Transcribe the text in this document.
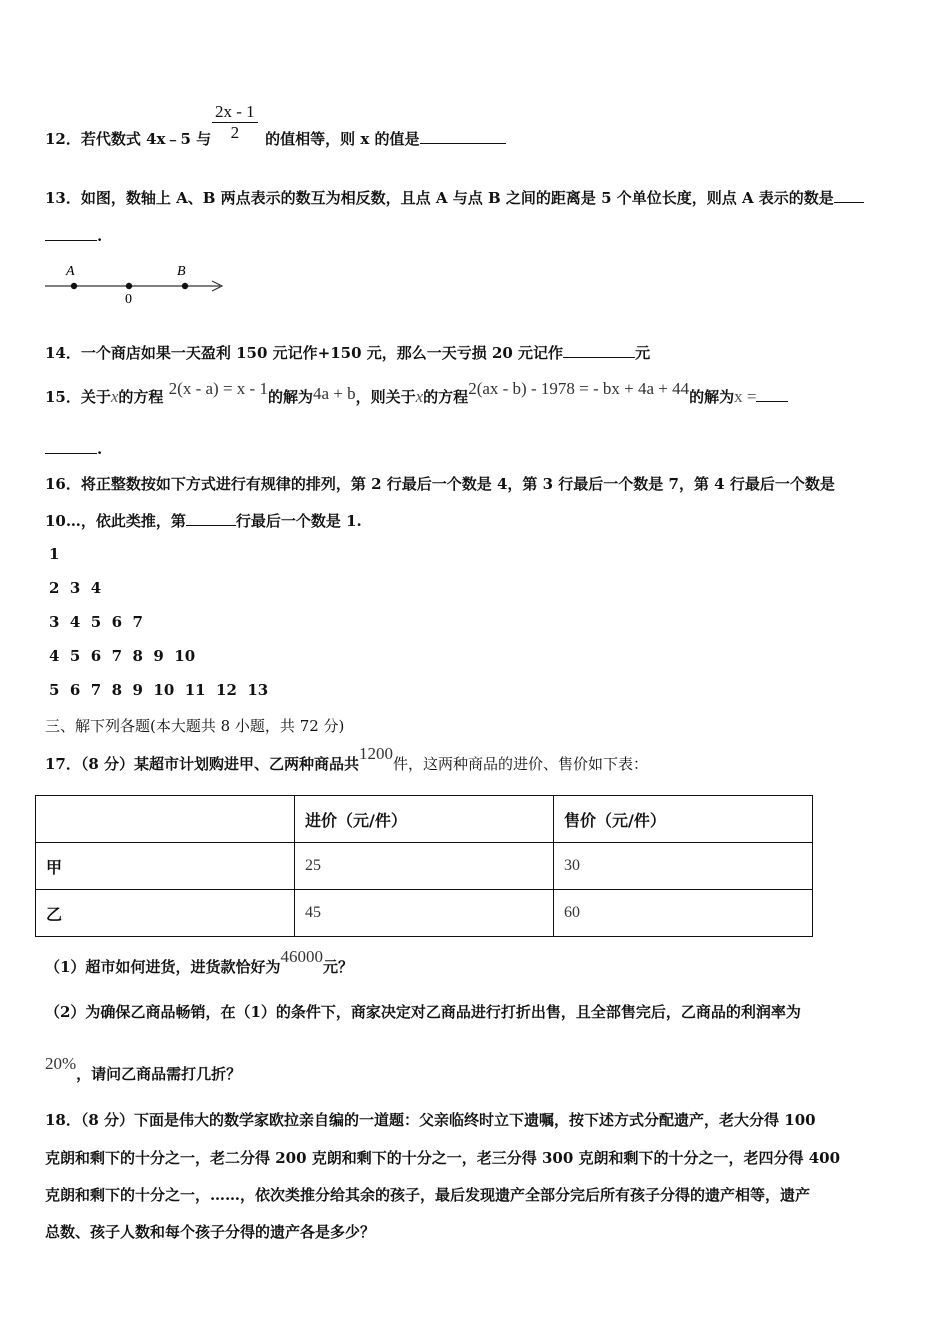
12．若代数式 4x﹣5 与	的值相等，则 x 的值是
$\frac{2x - 1}{2}$
13．如图，数轴上 A、B 两点表示的数互为相反数，且点 A 与点 B 之间的距离是 5 个单位长度，则点 A 表示的数是
.
A	B
0
14．一个商店如果一天盈利 150 元记作+150 元，那么一天亏损 20 元记作	元
15．关于x的方程 2(x - a) = x - 1的解为4a + b，则关于x的方程2(ax - b) - 1978 = - bx + 4a + 44的解为x =
.
16．将正整数按如下方式进行有规律的排列，第 2 行最后一个数是 4，第 3 行最后一个数是 7，第 4 行最后一个数是
10…，依此类推，第	行最后一个数是 1.
1
2  3  4
3  4  5  6  7
4  5  6  7  8  9  10
5  6  7  8  9  10  11  12  13
三、解下列各题(本大题共 8 小题，共 72 分)
17．（8 分）某超市计划购进甲、乙两种商品共1200件，这两种商品的进价、售价如下表：
	进价（元/件）	售价（元/件）
甲	25	30
乙	45	60
（1）超市如何进货，进货款恰好为46000元？
（2）为确保乙商品畅销，在（1）的条件下，商家决定对乙商品进行打折出售，且全部售完后，乙商品的利润率为
20%，请问乙商品需打几折？
18．（8 分）下面是伟大的数学家欧拉亲自编的一道题：父亲临终时立下遗嘱，按下述方式分配遗产，老大分得 100
克朗和剩下的十分之一，老二分得 200 克朗和剩下的十分之一，老三分得 300 克朗和剩下的十分之一，老四分得 400
克朗和剩下的十分之一，……，依次类推分给其余的孩子，最后发现遗产全部分完后所有孩子分得的遗产相等，遗产
总数、孩子人数和每个孩子分得的遗产各是多少？
